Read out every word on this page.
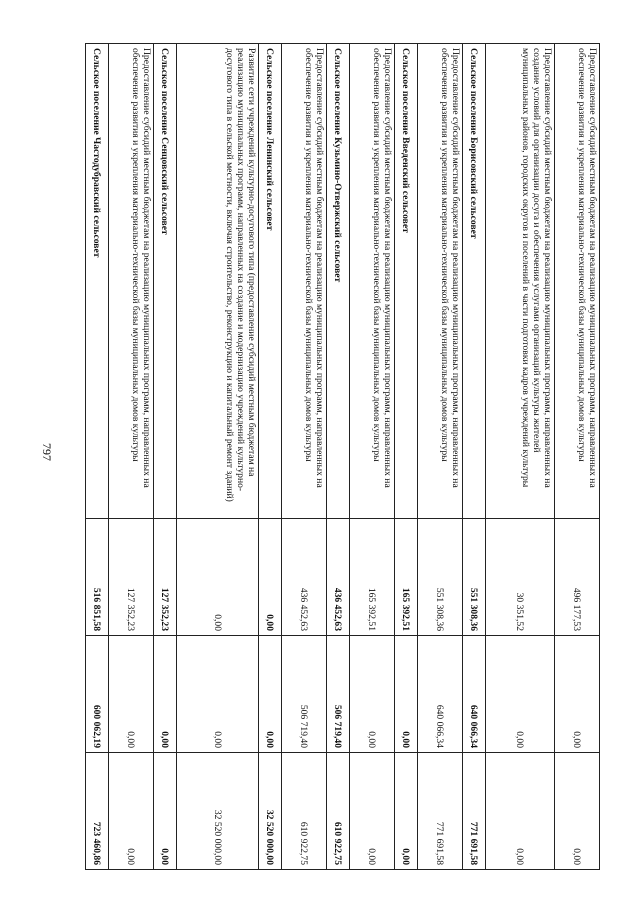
797	Предоставление субсидий местным бюджетам на реализацию муниципальных программ, направленных на обеспечение развития и укрепления материально-технической базы муниципальных домов культуры	496 177,53	0,00	0,00
Предоставление субсидий местным бюджетам на реализацию муниципальных программ, направленных на создание условий для организации досуга и обеспечения услугами организаций культуры жителей муниципальных районов, городских округов и поселений в части подготовки кадров учреждений культуры	30 351,52	0,00	0,00
Сельское поселение Борисовский сельсовет	551 308,36	640 066,34	771 691,58
Предоставление субсидий местным бюджетам на реализацию муниципальных программ, направленных на обеспечение развития и укрепления материально-технической базы муниципальных домов культуры	551 308,36	640 066,34	771 691,58
Сельское поселение Введенский сельсовет	165 392,51	0,00	0,00
Предоставление субсидий местным бюджетам на реализацию муниципальных программ, направленных на обеспечение развития и укрепления материально-технической базы муниципальных домов культуры	165 392,51	0,00	0,00
Сельское поселение Кузьмино-Отвержский сельсовет	436 452,63	506 719,40	610 922,75
Предоставление субсидий местным бюджетам на реализацию муниципальных программ, направленных на обеспечение развития и укрепления материально-технической базы муниципальных домов культуры	436 452,63	506 719,40	610 922,75
Сельское поселение Ленинский сельсовет	0,00	0,00	32 520 000,00
Развитие сети учреждений культурно-досугового типа (предоставление субсидий местным бюджетам на реализацию муниципальных программ, направленных на создание и модернизацию учреждений культурно-досугового типа в сельской местности, включая строительство, реконструкцию и капитальный ремонт зданий)	0,00	0,00	32 520 000,00
Сельское поселение Сенцовский сельсовет	127 352,23	0,00	0,00
Предоставление субсидий местным бюджетам на реализацию муниципальных программ, направленных на обеспечение развития и укрепления материально-технической базы муниципальных домов культуры	127 352,23	0,00	0,00
Сельское поселение Частодубравский сельсовет	516 851,58	600 062,19	723 460,86
